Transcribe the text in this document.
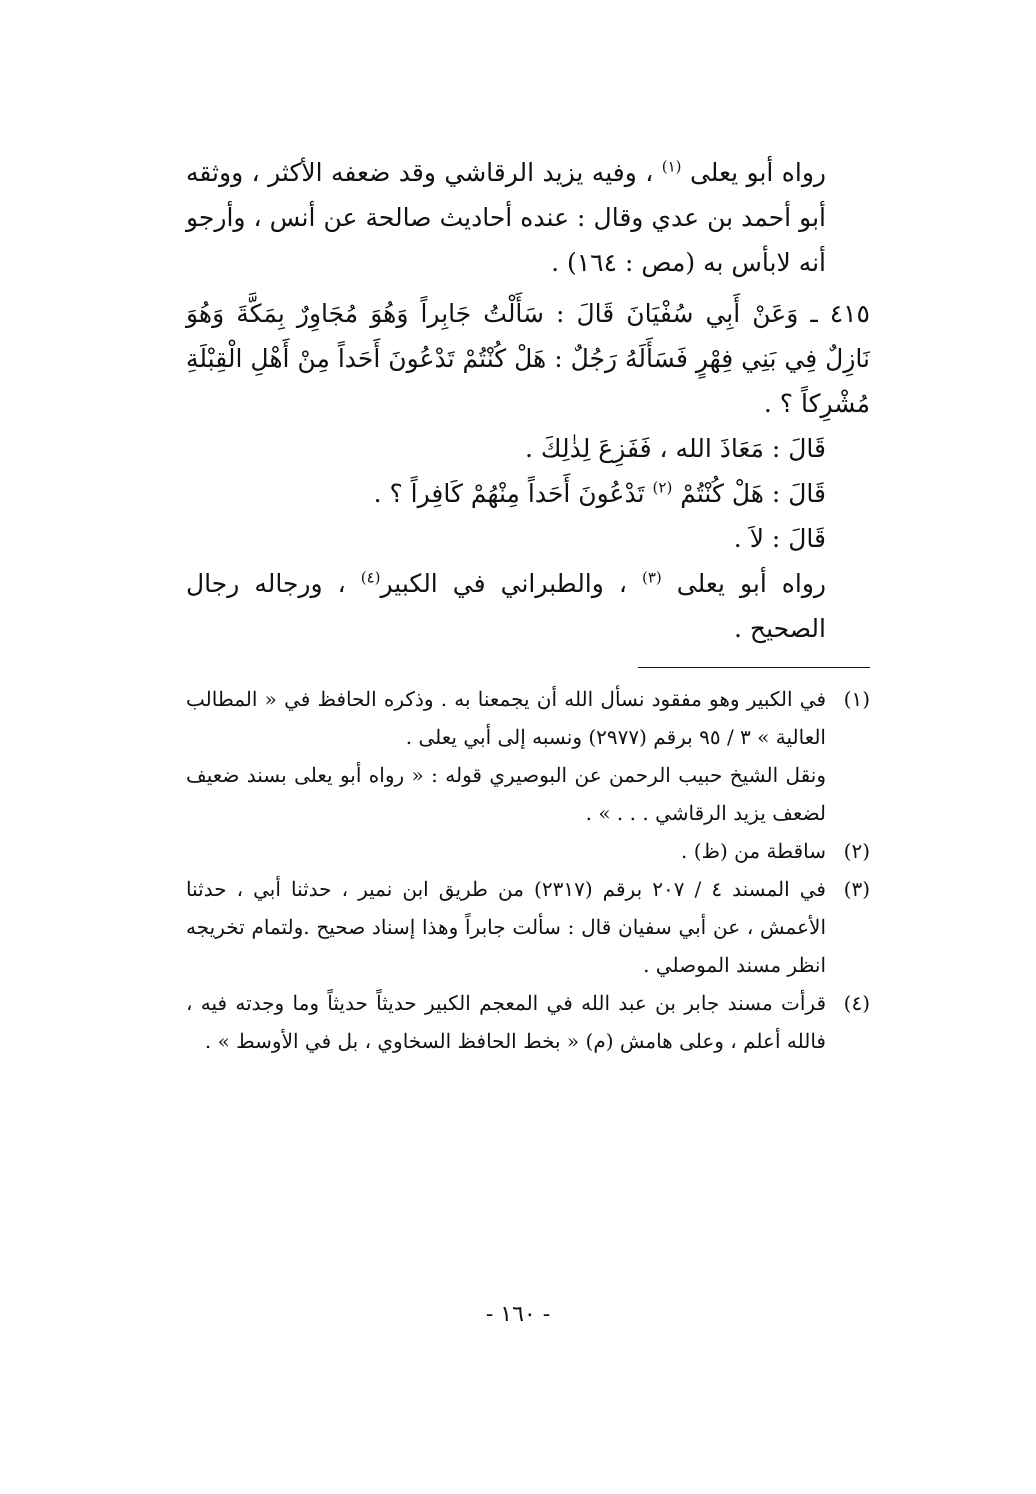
رواه أبو يعلى $^{(١)}$ ، وفيه يزيد الرقاشي وقد ضعفه الأكثر ، ووثقه أبو أحمد بن عدي وقال : عنده أحاديث صالحة عن أنس ، وأرجو أنه لابأس به (مص : ١٦٤) .

٤١٥ ـ وَعَنْ أَبِي سُفْيَانَ قَالَ : سَأَلْتُ جَابِراً وَهُوَ مُجَاوِرٌ بِمَكَّةَ وَهُوَ نَازِلٌ فِي بَنِي فِهْرٍ فَسَأَلَهُ رَجُلٌ : هَلْ كُنْتُمْ تَدْعُونَ أَحَداً مِنْ أَهْلِ الْقِبْلَةِ مُشْرِكاً ؟ .

قَالَ : مَعَاذَ الله ، فَفَزِعَ لِذٰلِكَ .

قَالَ : هَلْ كُنْتُمْ $^{(٢)}$ تَدْعُونَ أَحَداً مِنْهُمْ كَافِراً ؟ .

قَالَ : لاَ .

رواه أبو يعلى $^{(٣)}$ ، والطبراني في الكبير$^{(٤)}$ ، ورجاله رجال الصحيح .

(١)
في الكبير وهو مفقود نسأل الله أن يجمعنا به . وذكره الحافظ في « المطالب العالية » ٣ / ٩٥ برقم (٢٩٧٧) ونسبه إلى أبي يعلى .

ونقل الشيخ حبيب الرحمن عن البوصيري قوله : « رواه أبو يعلى بسند ضعيف لضعف يزيد الرقاشي . . . » .

(٢)
ساقطة من (ظ) .
(٣)
في المسند ٤ / ٢٠٧ برقم (٢٣١٧) من طريق ابن نمير ، حدثنا أبي ، حدثنا الأعمش ، عن أبي سفيان قال : سألت جابراً وهذا إسناد صحيح .ولتمام تخريجه انظر مسند الموصلي .
(٤)
قرأت مسند جابر بن عبد الله في المعجم الكبير حديثاً حديثاً وما وجدته فيه ، فالله أعلم ، وعلى هامش (م) « بخط الحافظ السخاوي ، بل في الأوسط » .
- ١٦٠ -
